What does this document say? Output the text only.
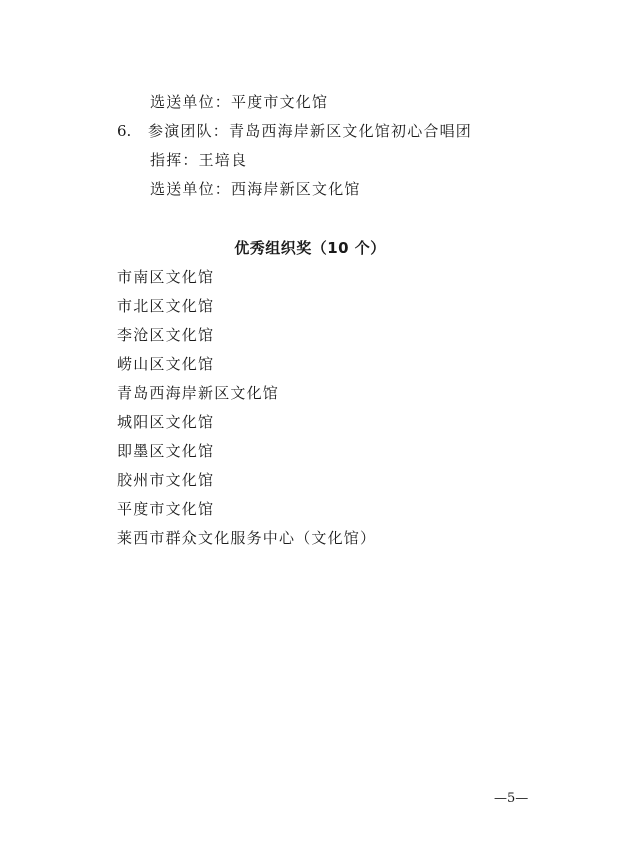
选送单位：平度市文化馆
6. 参演团队：青岛西海岸新区文化馆初心合唱团
指挥：王培良
选送单位：西海岸新区文化馆
优秀组织奖（10 个）
市南区文化馆
市北区文化馆
李沧区文化馆
崂山区文化馆
青岛西海岸新区文化馆
城阳区文化馆
即墨区文化馆
胶州市文化馆
平度市文化馆
莱西市群众文化服务中心（文化馆）
—5—
